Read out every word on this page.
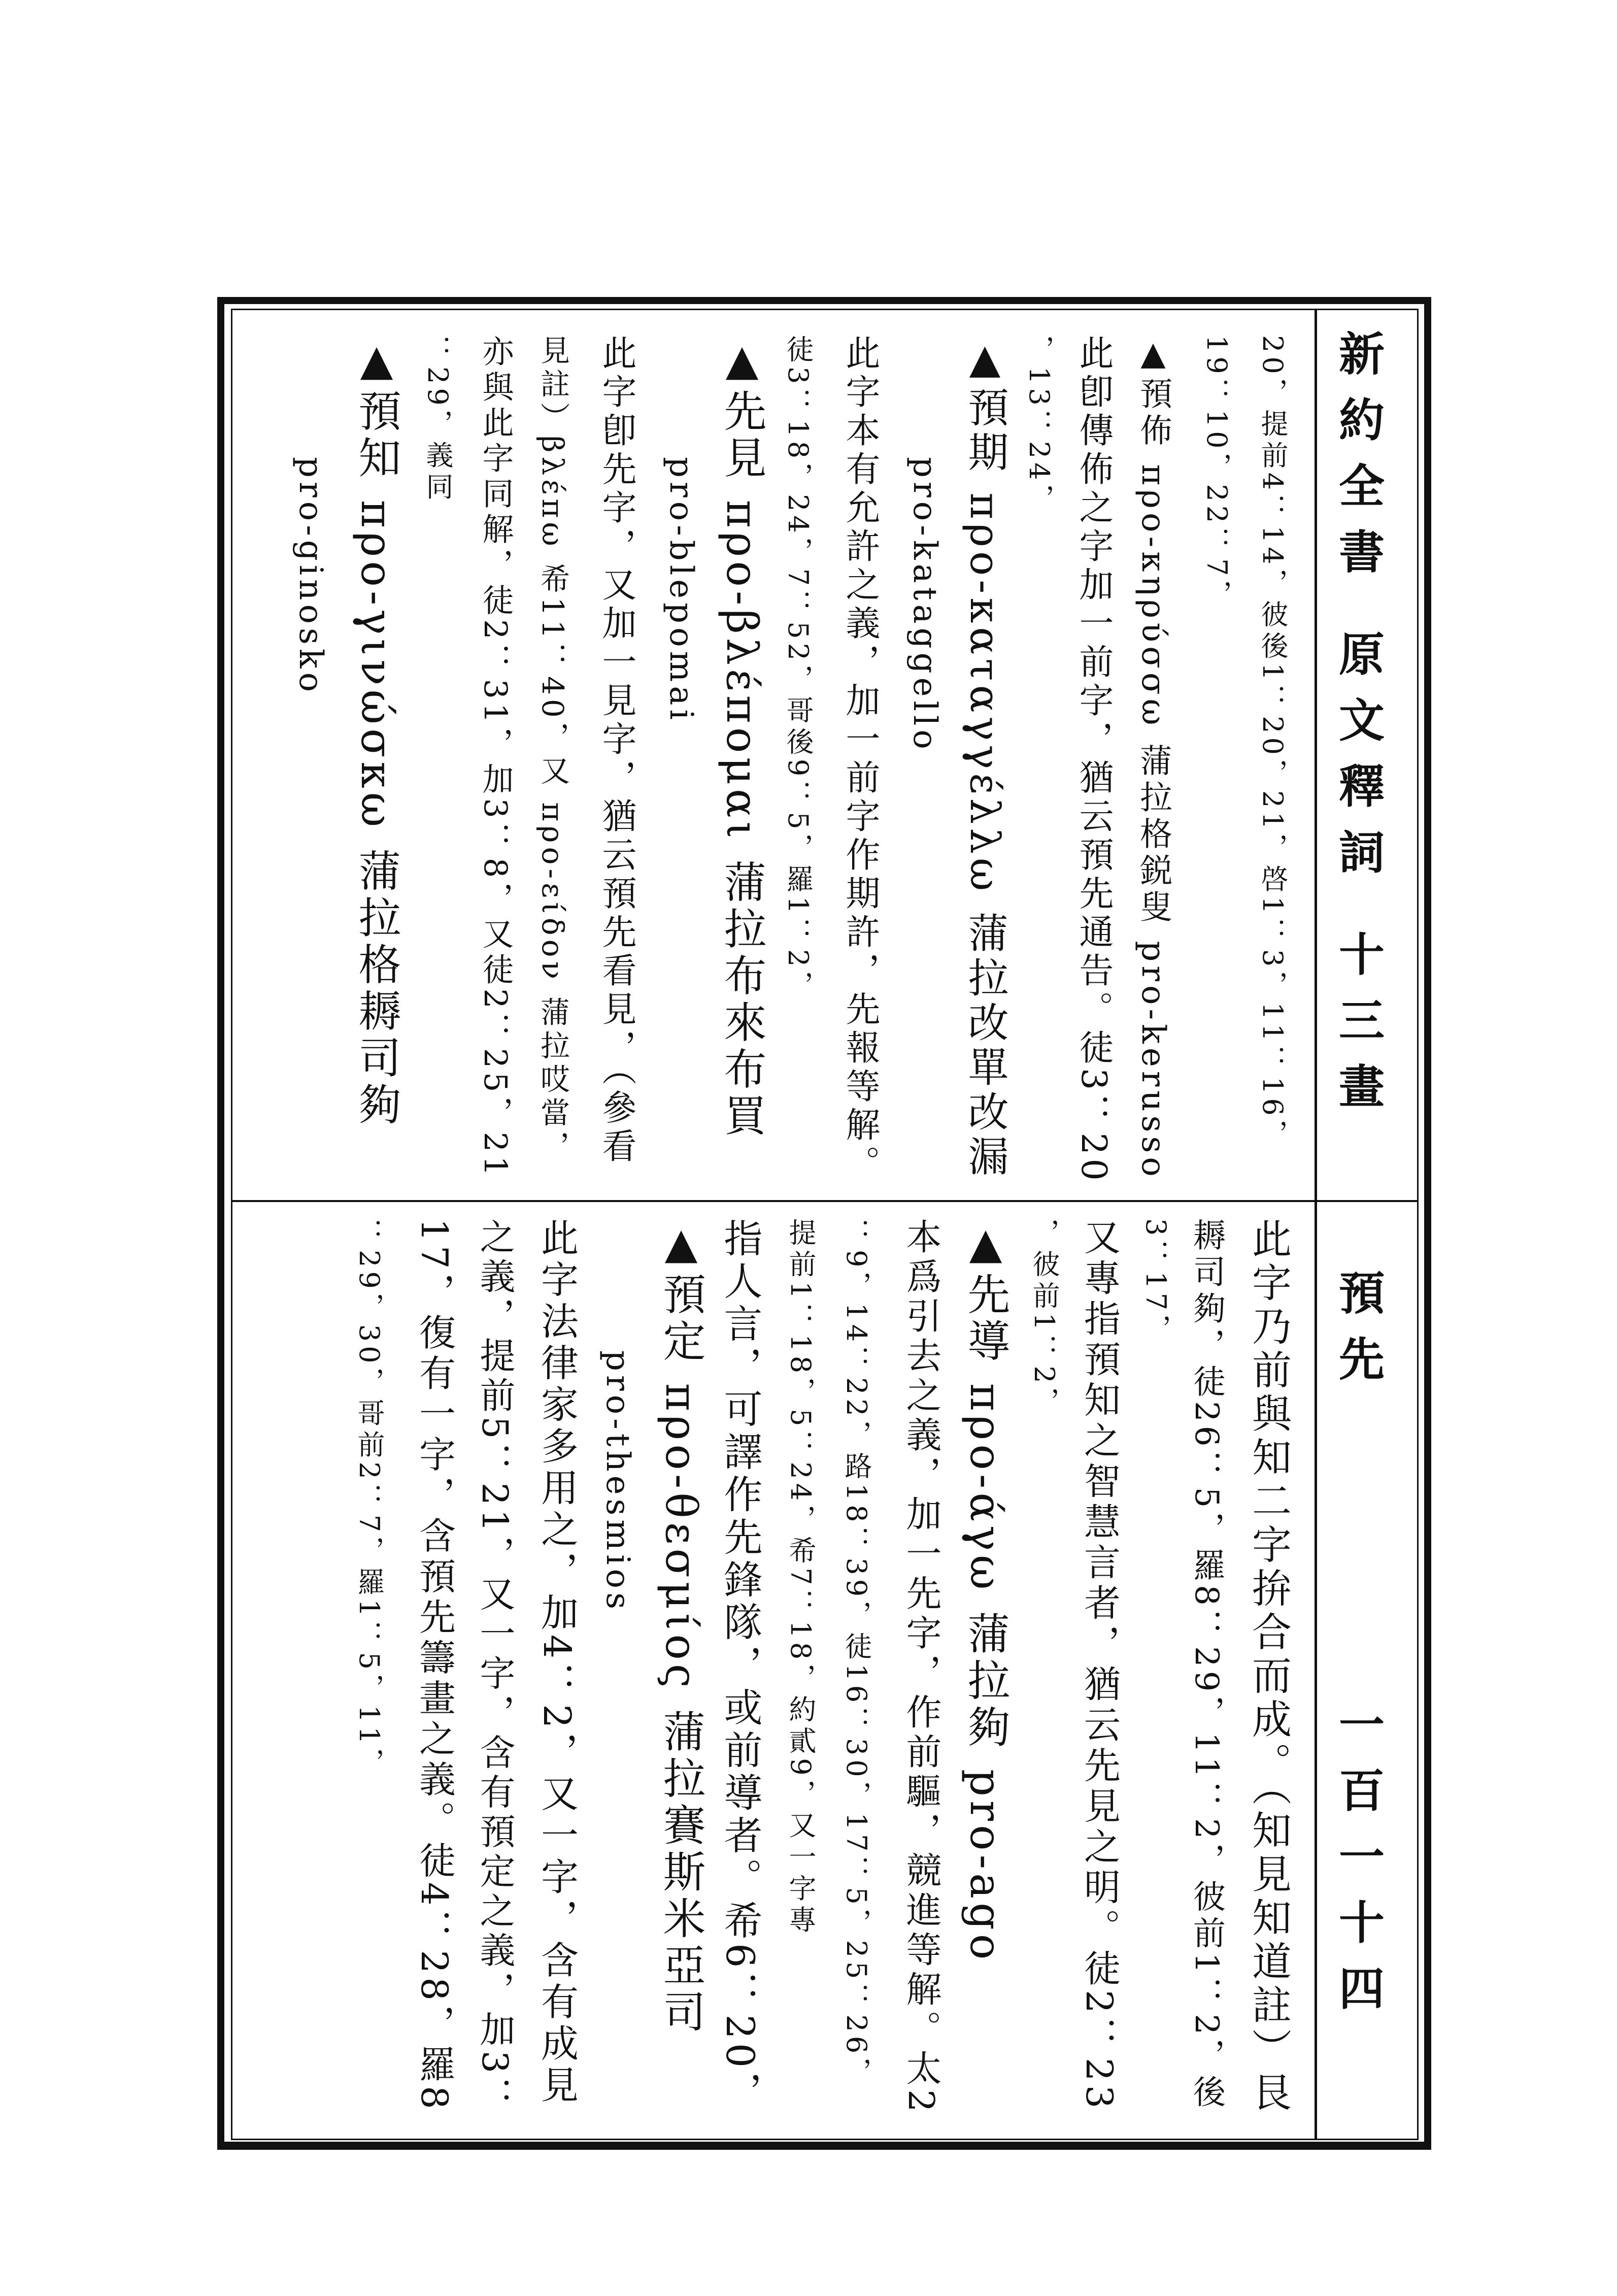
新約全書 原文釋詞 十三畫
預先
一百一十四
20，提前4：14，彼後1：20，21，啓1：3，11：16，
19：10，22：7，
▲預佈 προ-κηρύσσω 蒲拉格鋭叟 pro-kerusso
此卽傳佈之字加一前字，猶云預先通告。徒3：20
，13：24，
▲預期 προ-καταγγέλλω 蒲拉改單改漏
pro-kataggello
此字本有允許之義，加一前字作期許，先報等解。
徒3：18，24，7：52，哥後9：5，羅1：2，
▲先見 προ-βλέπομαι 蒲拉布來布買
pro-blepomai
此字卽先字，又加一見字，猶云預先看見，（參看
見註）βλέπω 希11：40，又 προ-είδον 蒲拉哎當，
亦與此字同解，徒2：31，加3：8，又徒2：25，21
：29，義同
▲預知 προ-γινώσκω 蒲拉格耨司夠
pro-ginosko
此字乃前與知二字拚合而成。（知見知道註）艮
耨司夠，徒26：5，羅8：29，11：2，彼前1：2，後
3：17，
又專指預知之智慧言者，猶云先見之明。徒2：23
，彼前1：2，
▲先導 προ-άγω 蒲拉夠 pro-ago
本爲引去之義，加一先字，作前驅，競進等解。太2
：9，14：22，路18：39，徒16：30，17：5，25：26，
提前1：18，5：24，希7：18，約貳9，又一字專
指人言，可譯作先鋒隊，或前導者。希6：20，
▲預定 προ-θεσμίος 蒲拉賽斯米亞司
pro-thesmios
此字法律家多用之，加4：2，又一字，含有成見
之義，提前5：21，又一字，含有預定之義，加3：
17，復有一字，含預先籌畫之義。徒4：28，羅8
：29，30，哥前2：7，羅1：5，11，
